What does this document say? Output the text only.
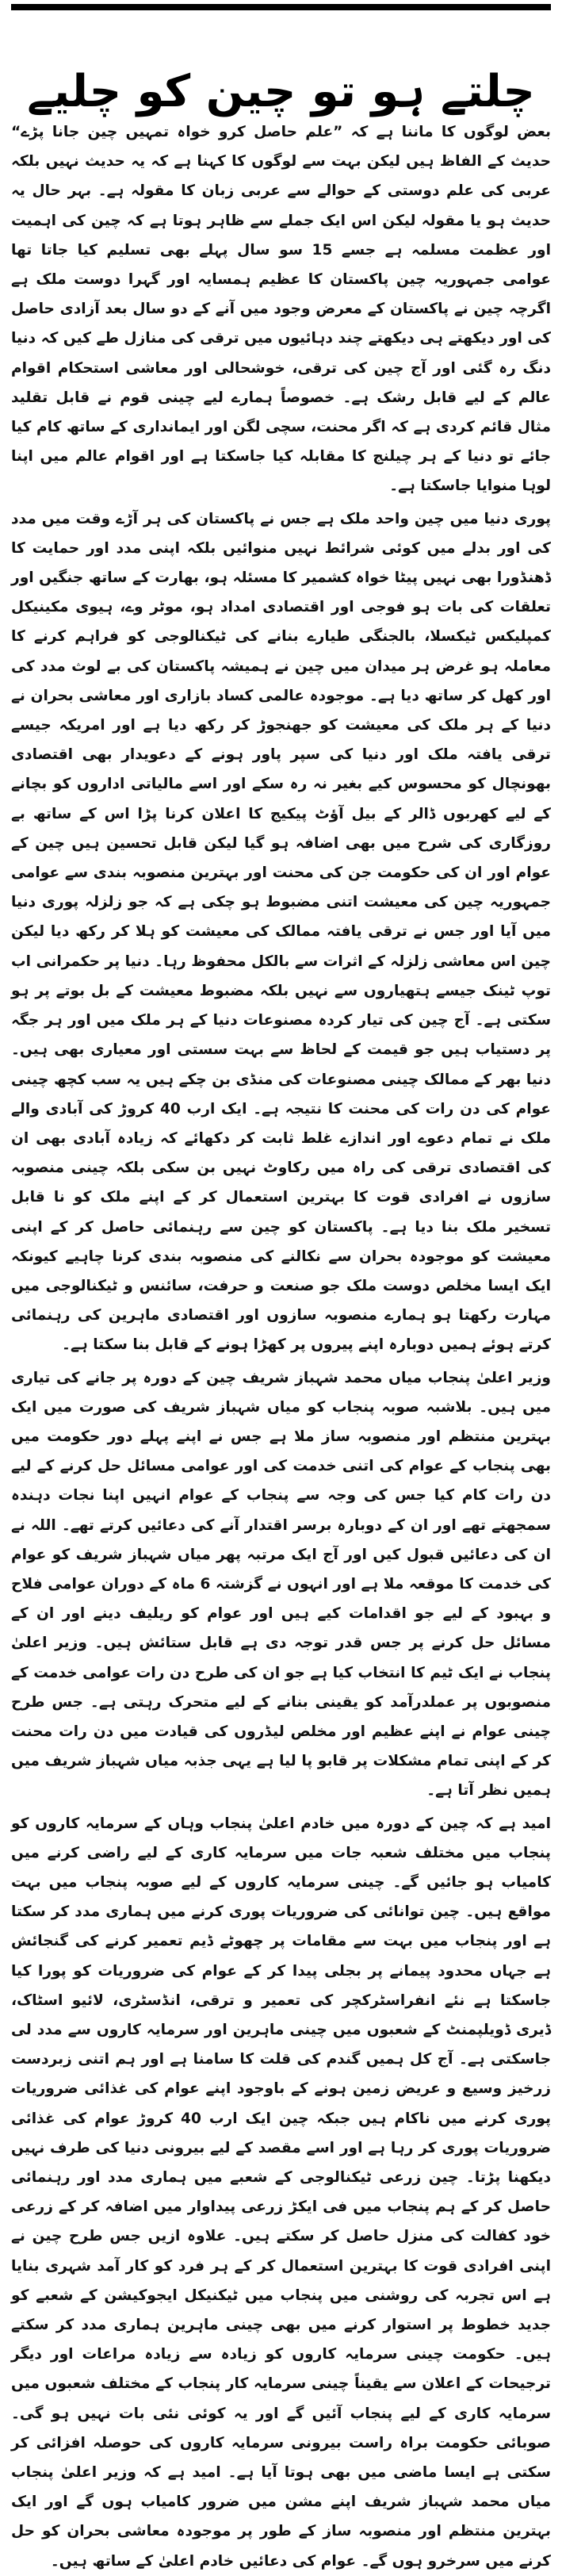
چلتے ہو تو چین کو چلیے

بعض لوگوں کا ماننا ہے کہ ”علم حاصل کرو خواہ تمہیں چین جانا پڑے“ حدیث کے الفاظ ہیں لیکن بہت سے لوگوں کا کہنا ہے کہ یہ حدیث نہیں بلکہ عربی کی علم دوستی کے حوالے سے عربی زبان کا مقولہ ہے۔ بہر حال یہ حدیث ہو یا مقولہ لیکن اس ایک جملے سے ظاہر ہوتا ہے کہ چین کی اہمیت اور عظمت مسلمہ ہے جسے 15 سو سال پہلے بھی تسلیم کیا جاتا تھا عوامی جمہوریہ چین پاکستان کا عظیم ہمسایہ اور گہرا دوست ملک ہے اگرچہ چین نے پاکستان کے معرض وجود میں آنے کے دو سال بعد آزادی حاصل کی اور دیکھتے ہی دیکھتے چند دہائیوں میں ترقی کی منازل طے کیں کہ دنیا دنگ رہ گئی اور آج چین کی ترقی، خوشحالی اور معاشی استحکام اقوام عالم کے لیے قابل رشک ہے۔ خصوصاً ہمارے لیے چینی قوم نے قابل تقلید مثال قائم کردی ہے کہ اگر محنت، سچی لگن اور ایمانداری کے ساتھ کام کیا جائے تو دنیا کے ہر چیلنج کا مقابلہ کیا جاسکتا ہے اور اقوام عالم میں اپنا لوہا منوایا جاسکتا ہے۔

پوری دنیا میں چین واحد ملک ہے جس نے پاکستان کی ہر آڑے وقت میں مدد کی اور بدلے میں کوئی شرائط نہیں منوائیں بلکہ اپنی مدد اور حمایت کا ڈھنڈورا بھی نہیں پیٹا خواہ کشمیر کا مسئلہ ہو، بھارت کے ساتھ جنگیں اور تعلقات کی بات ہو فوجی اور اقتصادی امداد ہو، موٹر وے، ہیوی مکینیکل کمپلیکس ٹیکسلا، بالجنگی طیارے بنانے کی ٹیکنالوجی کو فراہم کرنے کا معاملہ ہو غرض ہر میدان میں چین نے ہمیشہ پاکستان کی بے لوث مدد کی اور کھل کر ساتھ دیا ہے۔ موجودہ عالمی کساد بازاری اور معاشی بحران نے دنیا کے ہر ملک کی معیشت کو جھنجوڑ کر رکھ دیا ہے اور امریکہ جیسے ترقی یافتہ ملک اور دنیا کی سپر پاور ہونے کے دعویدار بھی اقتصادی بھونچال کو محسوس کیے بغیر نہ رہ سکے اور اسے مالیاتی اداروں کو بچانے کے لیے کھربوں ڈالر کے بیل آؤٹ پیکیج کا اعلان کرنا پڑا اس کے ساتھ بے روزگاری کی شرح میں بھی اضافہ ہو گیا لیکن قابل تحسین ہیں چین کے عوام اور ان کی حکومت جن کی محنت اور بہترین منصوبہ بندی سے عوامی جمہوریہ چین کی معیشت اتنی مضبوط ہو چکی ہے کہ جو زلزلہ پوری دنیا میں آیا اور جس نے ترقی یافتہ ممالک کی معیشت کو ہلا کر رکھ دیا لیکن چین اس معاشی زلزلہ کے اثرات سے بالکل محفوظ رہا۔ دنیا پر حکمرانی اب توپ ٹینک جیسے ہتھیاروں سے نہیں بلکہ مضبوط معیشت کے بل بوتے پر ہو سکتی ہے۔ آج چین کی تیار کردہ مصنوعات دنیا کے ہر ملک میں اور ہر جگہ پر دستیاب ہیں جو قیمت کے لحاظ سے بہت سستی اور معیاری بھی ہیں۔ دنیا بھر کے ممالک چینی مصنوعات کی منڈی بن چکے ہیں یہ سب کچھ چینی عوام کی دن رات کی محنت کا نتیجہ ہے۔ ایک ارب 40 کروڑ کی آبادی والے ملک نے تمام دعوے اور اندازے غلط ثابت کر دکھائے کہ زیادہ آبادی بھی ان کی اقتصادی ترقی کی راہ میں رکاوٹ نہیں بن سکی بلکہ چینی منصوبہ سازوں نے افرادی قوت کا بہترین استعمال کر کے اپنے ملک کو نا قابل تسخیر ملک بنا دیا ہے۔ پاکستان کو چین سے رہنمائی حاصل کر کے اپنی معیشت کو موجودہ بحران سے نکالنے کی منصوبہ بندی کرنا چاہیے کیونکہ ایک ایسا مخلص دوست ملک جو صنعت و حرفت، سائنس و ٹیکنالوجی میں مہارت رکھتا ہو ہمارے منصوبہ سازوں اور اقتصادی ماہرین کی رہنمائی کرتے ہوئے ہمیں دوبارہ اپنے پیروں پر کھڑا ہونے کے قابل بنا سکتا ہے۔

وزیر اعلیٰ پنجاب میاں محمد شہباز شریف چین کے دورہ پر جانے کی تیاری میں ہیں۔ بلاشبہ صوبہ پنجاب کو میاں شہباز شریف کی صورت میں ایک بہترین منتظم اور منصوبہ ساز ملا ہے جس نے اپنے پہلے دور حکومت میں بھی پنجاب کے عوام کی اتنی خدمت کی اور عوامی مسائل حل کرنے کے لیے دن رات کام کیا جس کی وجہ سے پنجاب کے عوام انہیں اپنا نجات دہندہ سمجھتے تھے اور ان کے دوبارہ برسر اقتدار آنے کی دعائیں کرتے تھے۔ اللہ نے ان کی دعائیں قبول کیں اور آج ایک مرتبہ پھر میاں شہباز شریف کو عوام کی خدمت کا موقعہ ملا ہے اور انہوں نے گزشتہ 6 ماہ کے دوران عوامی فلاح و بہبود کے لیے جو اقدامات کیے ہیں اور عوام کو ریلیف دینے اور ان کے مسائل حل کرنے پر جس قدر توجہ دی ہے قابل ستائش ہیں۔ وزیر اعلیٰ پنجاب نے ایک ٹیم کا انتخاب کیا ہے جو ان کی طرح دن رات عوامی خدمت کے منصوبوں پر عملدرآمد کو یقینی بنانے کے لیے متحرک رہتی ہے۔ جس طرح چینی عوام نے اپنے عظیم اور مخلص لیڈروں کی قیادت میں دن رات محنت کر کے اپنی تمام مشکلات پر قابو پا لیا ہے یہی جذبہ میاں شہباز شریف میں ہمیں نظر آتا ہے۔

امید ہے کہ چین کے دورہ میں خادم اعلیٰ پنجاب وہاں کے سرمایہ کاروں کو پنجاب میں مختلف شعبہ جات میں سرمایہ کاری کے لیے راضی کرنے میں کامیاب ہو جائیں گے۔ چینی سرمایہ کاروں کے لیے صوبہ پنجاب میں بہت مواقع ہیں۔ چین توانائی کی ضروریات پوری کرنے میں ہماری مدد کر سکتا ہے اور پنجاب میں بہت سے مقامات پر چھوٹے ڈیم تعمیر کرنے کی گنجائش ہے جہاں محدود پیمانے پر بجلی پیدا کر کے عوام کی ضروریات کو پورا کیا جاسکتا ہے نئے انفراسٹرکچر کی تعمیر و ترقی، انڈسٹری، لائیو اسٹاک، ڈیری ڈویلپمنٹ کے شعبوں میں چینی ماہرین اور سرمایہ کاروں سے مدد لی جاسکتی ہے۔ آج کل ہمیں گندم کی قلت کا سامنا ہے اور ہم اتنی زبردست زرخیز وسیع و عریض زمین ہونے کے باوجود اپنے عوام کی غذائی ضروریات پوری کرنے میں ناکام ہیں جبکہ چین ایک ارب 40 کروڑ عوام کی غذائی ضروریات پوری کر رہا ہے اور اسے مقصد کے لیے بیرونی دنیا کی طرف نہیں دیکھنا پڑتا۔ چین زرعی ٹیکنالوجی کے شعبے میں ہماری مدد اور رہنمائی حاصل کر کے ہم پنجاب میں فی ایکڑ زرعی پیداوار میں اضافہ کر کے زرعی خود کفالت کی منزل حاصل کر سکتے ہیں۔ علاوہ ازیں جس طرح چین نے اپنی افرادی قوت کا بہترین استعمال کر کے ہر فرد کو کار آمد شہری بنایا ہے اس تجربہ کی روشنی میں پنجاب میں ٹیکنیکل ایجوکیشن کے شعبے کو جدید خطوط پر استوار کرنے میں بھی چینی ماہرین ہماری مدد کر سکتے ہیں۔ حکومت چینی سرمایہ کاروں کو زیادہ سے زیادہ مراعات اور دیگر ترجیحات کے اعلان سے یقیناً چینی سرمایہ کار پنجاب کے مختلف شعبوں میں سرمایہ کاری کے لیے پنجاب آئیں گے اور یہ کوئی نئی بات نہیں ہو گی۔ صوبائی حکومت براہ راست بیرونی سرمایہ کاروں کی حوصلہ افزائی کر سکتی ہے ایسا ماضی میں بھی ہوتا آیا ہے۔ امید ہے کہ وزیر اعلیٰ پنجاب میاں محمد شہباز شریف اپنے مشن میں ضرور کامیاب ہوں گے اور ایک بہترین منتظم اور منصوبہ ساز کے طور پر موجودہ معاشی بحران کو حل کرنے میں سرخرو ہوں گے۔ عوام کی دعائیں خادم اعلیٰ کے ساتھ ہیں۔
